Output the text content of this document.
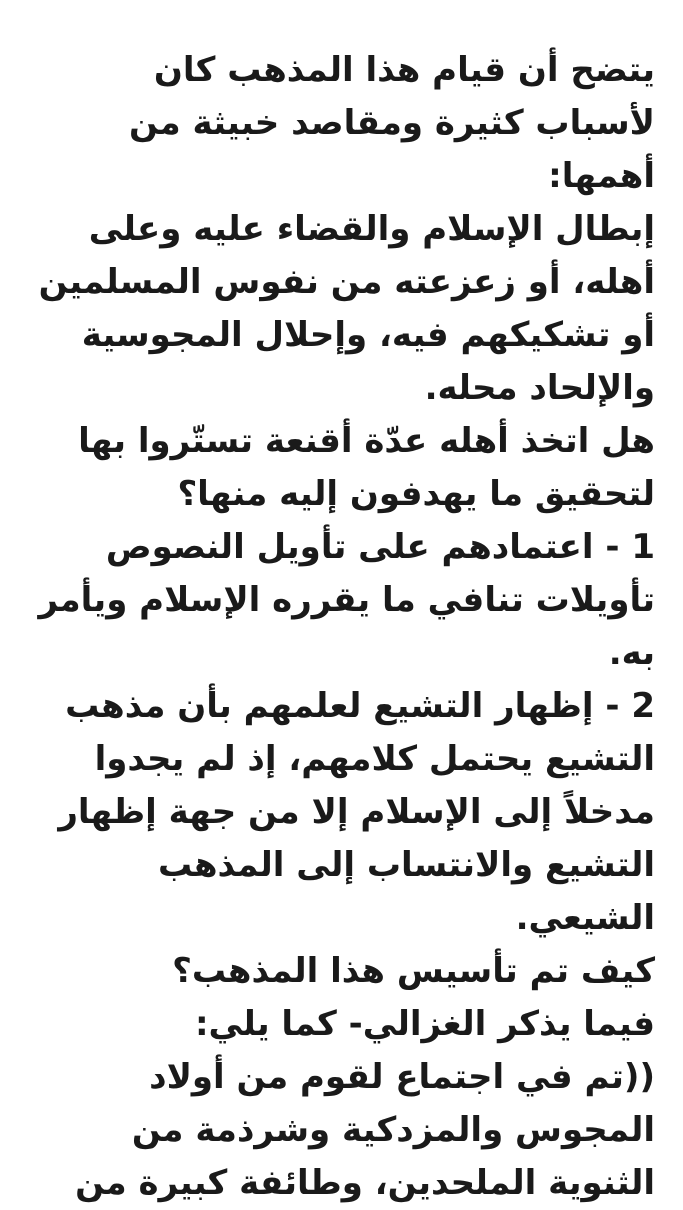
يتضح أن قيام هذا المذهب كان
لأسباب كثيرة ومقاصد خبيثة من
أهمها:
إبطال الإسلام والقضاء عليه وعلى
أهله، أو زعزعته من نفوس المسلمين
أو تشكيكهم فيه، وإحلال المجوسية
والإلحاد محله.
هل اتخذ أهله عدّة أقنعة تستّروا بها
لتحقيق ما يهدفون إليه منها؟
1 - اعتمادهم على تأويل النصوص
تأويلات تنافي ما يقرره الإسلام ويأمر
به.
2 - إظهار التشيع لعلمهم بأن مذهب
التشيع يحتمل كلامهم، إذ لم يجدوا
مدخلاً إلى الإسلام إلا من جهة إظهار
التشيع والانتساب إلى المذهب
الشيعي.
كيف تم تأسيس هذا المذهب؟
فيما يذكر الغزالي- كما يلي:
((تم في اجتماع لقوم من أولاد
المجوس والمزدكية وشرذمة من
الثنوية الملحدين، وطائفة كبيرة من
